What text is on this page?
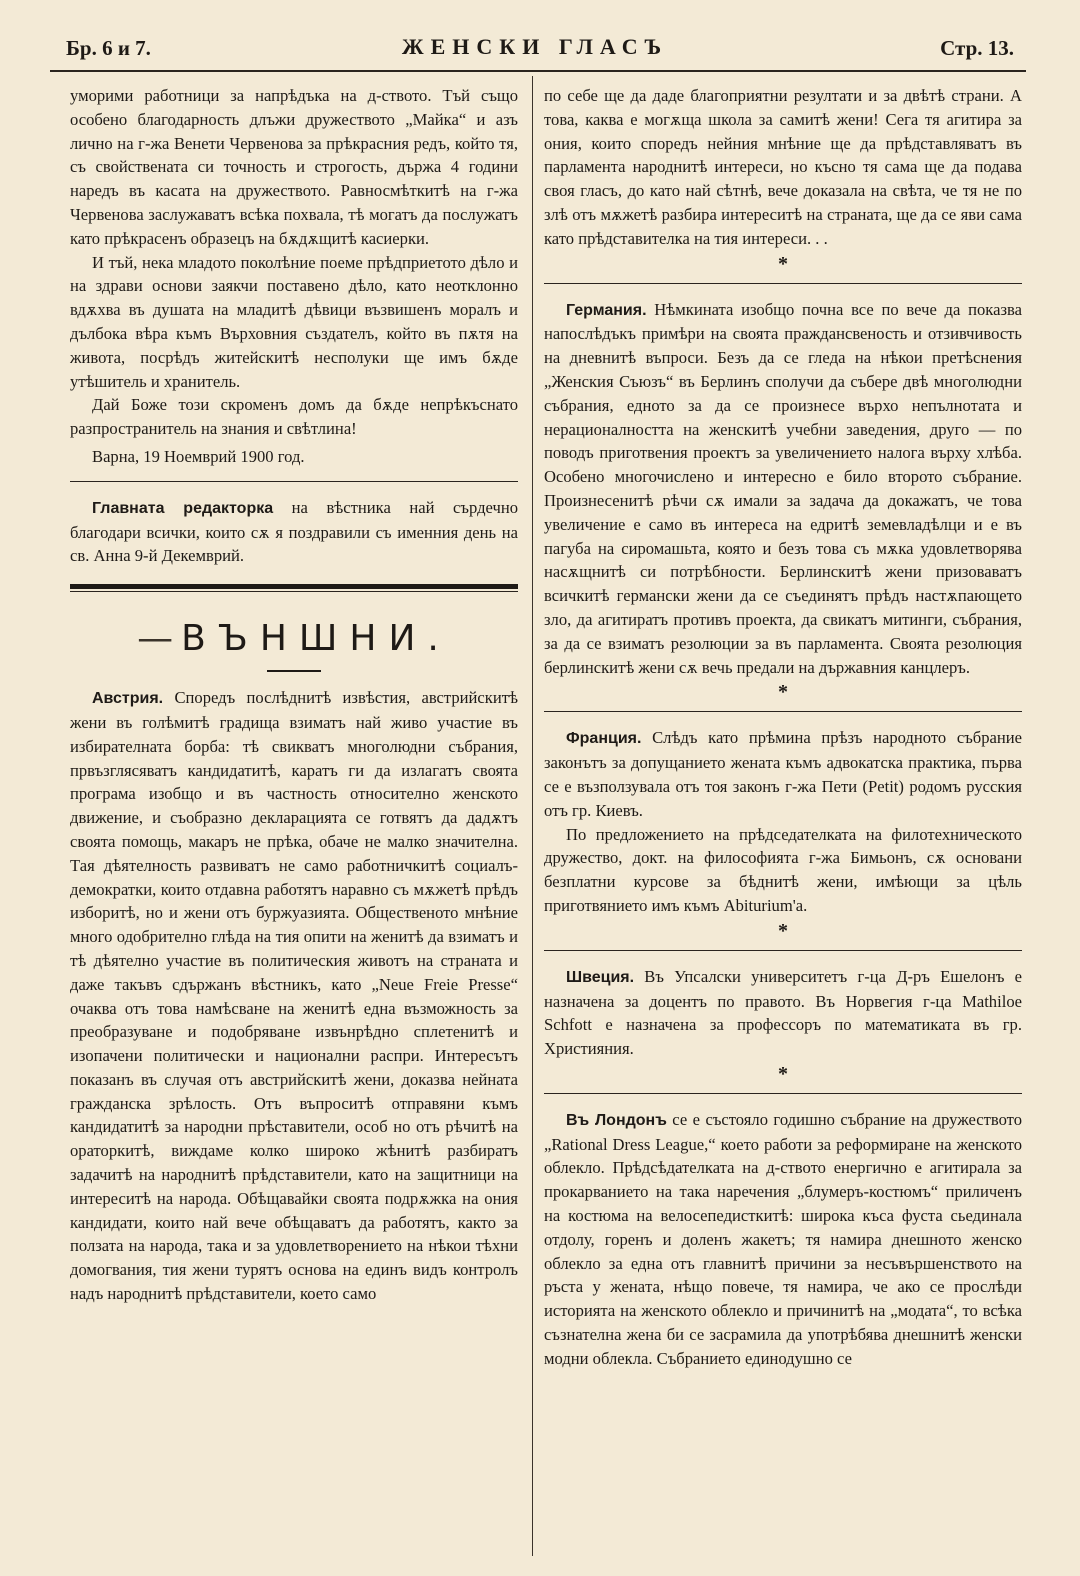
Бр. 6 и 7.	ЖЕНСКИ ГЛАСЪ	Стр. 13.

уморими работници за напрѣдъка на д-ството. Тъй също особено благодарность длъжи дружеството „Майка“ и азъ лично на г-жа Венети Червенова за прѣкрасния редъ, който тя, съ свойствената си точность и строгость, държа 4 години наредъ въ касата на дружеството. Равносмѣткитѣ на г-жа Червенова заслужаватъ всѣка похвала, тѣ могатъ да послужатъ като прѣкрасенъ образецъ на бѫдѫщитѣ касиерки.

И тъй, нека младото поколѣние поеме прѣдприетото дѣло и на здрави основи заякчи поставено дѣло, като неотклонно вдѫхва въ душата на младитѣ дѣвици възвишенъ моралъ и дълбока вѣра къмъ Върховния създателъ, който въ пѫтя на живота, посрѣдъ житейскитѣ несполуки ще имъ бѫде утѣшитель и хранитель.

Дай Боже този скроменъ домъ да бѫде непрѣкъснато разпространитель на знания и свѣтлина!

Варна, 19 Ноемврий 1900 год.

Главната редакторка на вѣстника най сърдечно благодари всички, които сѫ я поздравили съ именния день на св. Анна 9-й Декемврий.

— ВЪНШНИ.

Австрия. Споредъ послѣднитѣ извѣстия, австрийскитѣ жени въ голѣмитѣ градища взиматъ най живо участие въ избирателната борба: тѣ свикватъ многолюдни събрания, првъзглясяватъ кандидатитѣ, каратъ ги да излагатъ своята програма изобщо и въ частность относително женското движение, и съобразно декларацията се готвятъ да дадѫтъ своята помощь, макаръ не прѣка, обаче не малко значителна. Тая дѣятелность развиватъ не само работничкитѣ социалъ-демократки, които отдавна работятъ наравно съ мѫжетѣ прѣдъ изборитѣ, но и жени отъ буржуазията. Общественото мнѣние много одобрително глѣда на тия опити на женитѣ да взиматъ и тѣ дѣятелно участие въ политическия животъ на страната и даже такъвъ сдържанъ вѣстникъ, като „Neue Freie Presse“ очаква отъ това намѣсване на женитѣ една възможность за преобразуване и подобряване извънрѣдно сплетенитѣ и изопачени политически и национални распри. Интересътъ показанъ въ случая отъ австрийскитѣ жени, доказва нейната гражданска зрѣлость. Отъ въпроситѣ отправяни къмъ кандидатитѣ за народни прѣставители, особ но отъ рѣчитѣ на ораторкитѣ, виждаме колко широко жѣнитѣ разбиратъ задачитѣ на народнитѣ прѣдставители, като на защитници на интереситѣ на народа. Обѣщавайки своята подрѫжка на ония кандидати, които най вече обѣщаватъ да работятъ, както за ползата на народа, така и за удовлетворението на нѣкои тѣхни домогвания, тия жени турятъ основа на единъ видъ контролъ надъ народнитѣ прѣдставители, което само

по себе ще да даде благоприятни резултати и за двѣтѣ страни. А това, каква е могѫща школа за самитѣ жени! Сега тя агитира за ония, които споредъ нейния мнѣние ще да прѣдставляватъ въ парламента народнитѣ интереси, но късно тя сама ще да подава своя гласъ, до като най сѣтнѣ, вече доказала на свѣта, че тя не по злѣ отъ мѫжетѣ разбира интереситѣ на страната, ще да се яви сама като прѣдставителка на тия интереси. . .

*

Германия. Нѣмкината изобщо почна все по вече да показва напослѣдъкъ примѣри на своята праждансвеность и отзивчивость на дневнитѣ въпроси. Безъ да се глeда на нѣкои прeтѣснения „Женския Съюзъ“ въ Берлинъ сполучи да събере двѣ многолюдни събрания, едното за да се произнесе върхо непълнотата и нерационалността на женскитѣ учебни заведения, друго — по поводъ приготвения проектъ за увеличението налога върху хлѣба. Особено многочислено и интересно е било второто събрание. Произнесенитѣ рѣчи сѫ имали за задача да докажатъ, че това увеличение е само въ интереса на едритѣ земевладѣлци и е въ пагуба на сиромашьта, която и безъ това съ мѫка удовлетворява насѫщнитѣ си потрѣбности. Берлинскитѣ жени призоваватъ всичкитѣ германски жени да се съединятъ прѣдъ настѫпающето зло, да агитиратъ противъ проекта, да свикатъ митинги, събрания, за да се взиматъ резолюции за въ парламента. Своята резолюция берлинскитѣ жени сѫ вечь прeдали на държавния канцлеръ.

*

Франция. Слѣдъ като прѣмина прѣзъ народното събрание законътъ за допущанието женaта къмъ адвокатска практика, първа се е възползувала отъ тоя законъ г-жа Пети (Petit) родомъ русския отъ гр. Киевъ.

По предложението на прѣдседателката на филотехническото дружество, докт. на философията г-жа Бимьонъ, сѫ основани безплатни курсове за бѣднитѣ жени, имѣющи за цѣль приготвянието имъ къмъ Abiturium'а.

*

Швеция. Въ Упсалски университетъ г-ца Д-ръ Ешелонъ е назначена за доцентъ по правото. Въ Норвегия г-ца Mathiloe Schfott е назначена за профессоръ по математиката въ гр. Християния.

*

Въ Лондонъ се е състоялo годишно събрание на дружеството „Rational Dress League,“ което работи за реформиране на женското облекло. Прѣдсѣдателката на д-ството енергично е агитирала за прокарванието на така наречения „блумеръ-костюмъ“ приличенъ на костюма на велосепедисткитѣ: широка къса фуста сьединала отдолу, горенъ и доленъ жакетъ; тя намира днешното женско облекло за една отъ главнитѣ причини за несъвършенството на ръста у женaта, нѣщо повече, тя намира, че ако се прослѣди историята на женското облекло и причинитѣ на „модата“, то всѣка съзнателна жена би се засрамила да употрѣбява днешнитѣ женски модни облекла. Събранието единодушно се
